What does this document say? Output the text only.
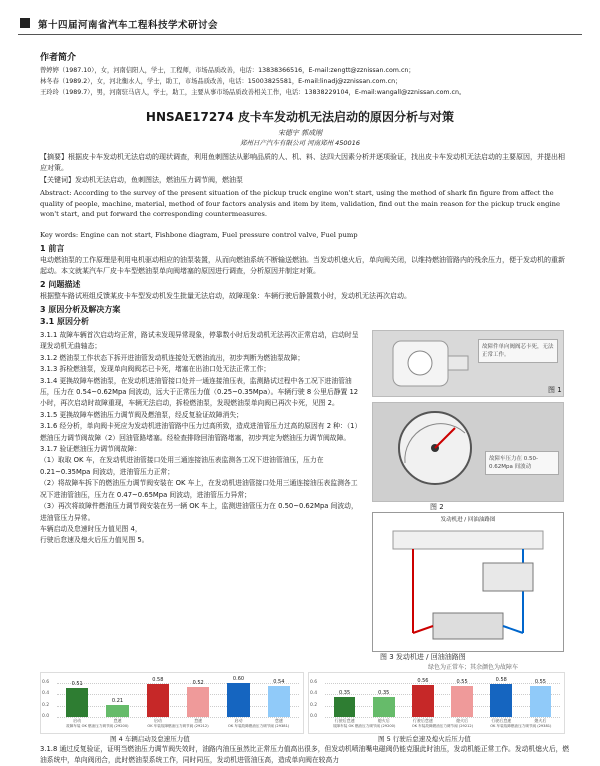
第十四届河南省汽车工程科技学术研讨会
作者简介
曾婷婷（1987.10），女，河南信阳人，学士，工程师，市场品质改善，电话：13838366516，E-mail:zengtt@zznissan.com.cn；
林冬春（1989.2），女，河北衡水人，学士，助工，市场品质改善，电话：15003825581，E-mail:linadj@zznissan.com.cn；
王玲玲（1989.7），男，河南驻马店人，学士，助工，主要从事市场品质改善相关工作，电话：13838229104，E-mail:wangall@zznissan.com.cn。
HNSAE17274 皮卡车发动机无法启动的原因分析与对策
宋德宇 郭成刚
郑州日产汽车有限公司 河南郑州 450016
【摘要】根据皮卡车发动机无法启动的现状调查，利用鱼刺图法从影响品质的人、机、料、法四大因素分析并逐项验证，找出皮卡车发动机无法启动的主要原因，并提出相应对策。
【关键词】发动机无法启动，鱼刺图法，燃油压力调节阀，燃油泵
Abstract: According to the survey of the present situation of the pickup truck engine won't start, using the method of shark fin figure from affect the quality of people, machine, material, method of four factors analysis and item by item, validation, find out the main reason for the pickup truck engine won't start, and put forward the corresponding countermeasures.
Key words: Engine can not start, Fishbone diagram, Fuel pressure control valve, Fuel pump
1 前言
电动燃油泵的工作原理是利用电机驱动相应的油泵装置，从而向燃油系统不断输送燃油。当发动机熄火后，单向阀关闭，以维持燃油管路内的残余压力，便于发动机的重新起动。本文就某汽车厂皮卡车型燃油泵单向阀堵塞的原因进行调查，分析原因并制定对策。
2 问题描述
根据整车路试班组反馈某皮卡车型发动机发生批量无法启动，故障现象：车辆行驶后静置数小时，发动机无法再次启动。
3 原因分析及解决方案
3.1 原因分析
3.1.1 故障车辆首次启动均正常，路试未发现异常现象，停靠数小时后发动机无法再次正常启动，启动时呈现发动机无曲轴态；
3.1.2 燃油泵工作状态下拆开进油管发动机连接处无燃油流出，初步判断为燃油泵故障；
3.1.3 拆检燃油泵，发现单向阀阀芯已卡死，堵塞在出油口处无法正常工作；
3.1.4 更换故障车燃油泵，在发动机进油管接口处并一通连接油压表，监测路试过程中各工况下进油管油压，压力在 0.54~0.62Mpa 间波动，远大于正常压力值（0.25~0.35Mpa）。车辆行驶 8 公里后静置 12 小时，再次启动时故障重现，车辆无法启动，拆检燃油泵，发现燃油泵单向阀已再次卡死，见图 2。
3.1.5 更换故障车燃油压力调节阀及燃油泵，经反复验证故障消失；
3.1.6 经分析，单向阀卡死应为发动机进油管路中压力过高所致，造成进油管压力过高的原因有 2 种：（1）燃油压力调节阀故障（2）回油管路堵塞。经检查排除回油管路堵塞，初步判定为燃油压力调节阀故障。
3.1.7 验证燃油压力调节阀故障：
（1）取取 OK 车，在发动机进油管接口处用三通连接油压表监测各工况下进油管油压，压力在 0.21~0.35Mpa 间波动，进油管压力正常；
（2）将故障车拆下的燃油压力调节阀安装在 OK 车上，在发动机进油管接口处用三通连接油压表监测各工况下进油管油压，压力在 0.47~0.65Mpa 间波动，进油管压力异常；
（3）再次将故障件燃油压力调节阀安装在另一辆 OK 车上，监测进油管压力在 0.50~0.62Mpa 间波动，进油管压力异常。
车辆启动及怠速时压力值见图 4，
行驶后怠速及熄火后压力值见图 5。
故障件单向阀阀芯卡死，无法正常工作。
图 1
故障车压力在 0.50-0.62Mpa 间波动
图 2
发动机进 / 回油油路图
图 3 发动机进 / 回油油路图
绿色为正常车；其余颜色为故障车
0.0
0.2
0.4
0.6	0.51
启动
0.21
怠速
0.58
启动
0.52
怠速
0.60
启动
0.54
怠速
故障车装 OK 燃油压力调节阀 (29200)	OK 车装故障燃油压力调节阀 (29212)	OK 车装故障燃油压力调节阀 (29381)
图 4 车辆启动及怠速压力值
0.0
0.2
0.4
0.6
0.35
行驶后怠速
0.35
熄火后
0.56
行驶后怠速
0.55
熄火后
0.58
行驶后怠速
0.55
熄火后
故障车装 OK 燃油压力调节阀 (29200)	OK 车装故障燃油压力调节阀 (29212)	OK 车装故障燃油压力调节阀 (29381)
图 5 行驶后怠速及熄火后压力值
3.1.8 通过反复验证，证明当燃油压力调节阀失效时，油路内油压虽然比正常压力值高出很多，但发动机喷油嘴电磁阀仍能克服此时油压，发动机能正常工作。发动机熄火后，燃油系统中，单向阀闭合，此时燃油泵系统工作，同时同压，发动机进管油压高，造成单向阀在较高力
